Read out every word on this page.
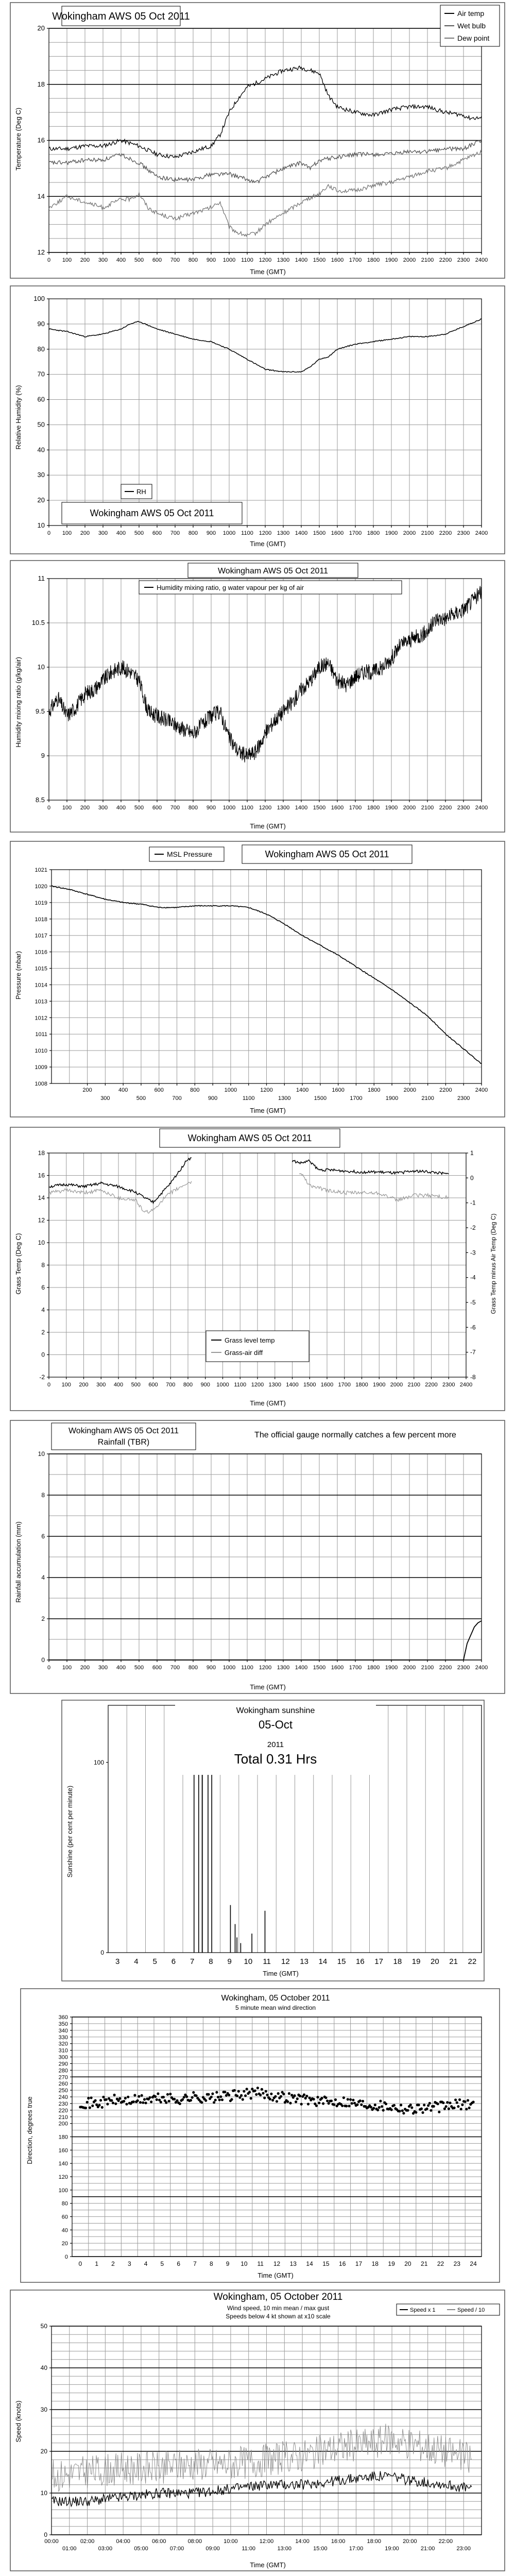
12
14
16
18
20
0 100 200 300 400 500 600 700 800 900 1000 1100 1200 1300 1400 1500 1600 1700 1800 1900 2000 2100 2200 2300 2400
Wokingham AWS 05 Oct 2011	Air temp
Wet bulb
Dew point
Temperature (Deg C)
Time (GMT)
10
20
30
40
50
60
70
80
90
100
0 100 200 300 400 500 600 700 800 900 1000 1100 1200 1300 1400 1500 1600 1700 1800 1900 2000 2100 2200 2300 2400
RH
Wokingham AWS 05 Oct 2011
Relative Humidity (%)
Time (GMT)
8.5
9
9.5
10
10.5
11
0 100 200 300 400 500 600 700 800 900 1000 1100 1200 1300 1400 1500 1600 1700 1800 1900 2000 2100 2200 2300 2400
Wokingham AWS 05 Oct 2011
Humidity mixing ratio, g water vapour per kg of air
Humidity mixing ratio (g/kg/air)
Time (GMT)
1008
1009
1010
1011
1012
1013
1014
1015
1016
1017
1018
1019
1020
1021
200	400	600	800	1000	1200	1400	1600	1800	2000	2200	2400
300	500	700	900	1100	1300	1500	1700	1900	2100	2300
MSL Pressure	Wokingham AWS 05 Oct 2011
Pressure (mbar)
Time (GMT)
-2
0
2
4
6
8
10
12
14
16
18
0 100 200 300 400 500 600 700 800 900 1000 1100 1200 1300 1400 1500 1600 1700 1800 1900 2000 2100 2200 2300 2400
-8
-7
-6
-5
-4
-3
-2
-1
0
1
Wokingham AWS 05 Oct 2011
Grass level temp
Grass-air diff
Grass Temp (Deg C)	Grass Temp minus Air Temp (Deg C)
Time (GMT)
0
2
4
6
8
10
0 100 200 300 400 500 600 700 800 900 1000 1100 1200 1300 1400 1500 1600 1700 1800 1900 2000 2100 2200 2300 2400
Wokingham AWS 05 Oct 2011
Rainfall (TBR)
The official gauge normally catches a few percent more
Rainfall accumulation (mm)
Time (GMT)
0
100
3 4 5 6 7 8 9 10 11 12 13 14 15 16 17 18 19 20 21 22
Wokingham sunshine
05-Oct
2011
Total 0.31 Hrs
Sunshine (per cent per minute)
Time (GMT)
0
20
40
60
80
100
120
140
160
180
200
210
220
230
240
250
260
270
280
290
300
310
320
330
340
350
360
0 1 2 3 4 5 6 7 8 9 10 11 12 13 14 15 16 17 18 19 20 21 22 23 24
Wokingham, 05 October 2011
5 minute mean wind direction
Direction, degrees true
Time (GMT)
0
10
20
30
40
50
00:00
01:00
02:00
03:00
04:00
05:00
06:00
07:00
08:00
09:00
10:00
11:00
12:00
13:00
14:00
15:00
16:00
17:00
18:00
19:00
20:00
21:00
22:00
23:00
Wokingham, 05 October 2011
Wind speed, 10 min mean / max gust
Speeds below 4 kt shown at x10 scale
Speed x 1	Speed / 10
Speed (knots)
Time (GMT)
